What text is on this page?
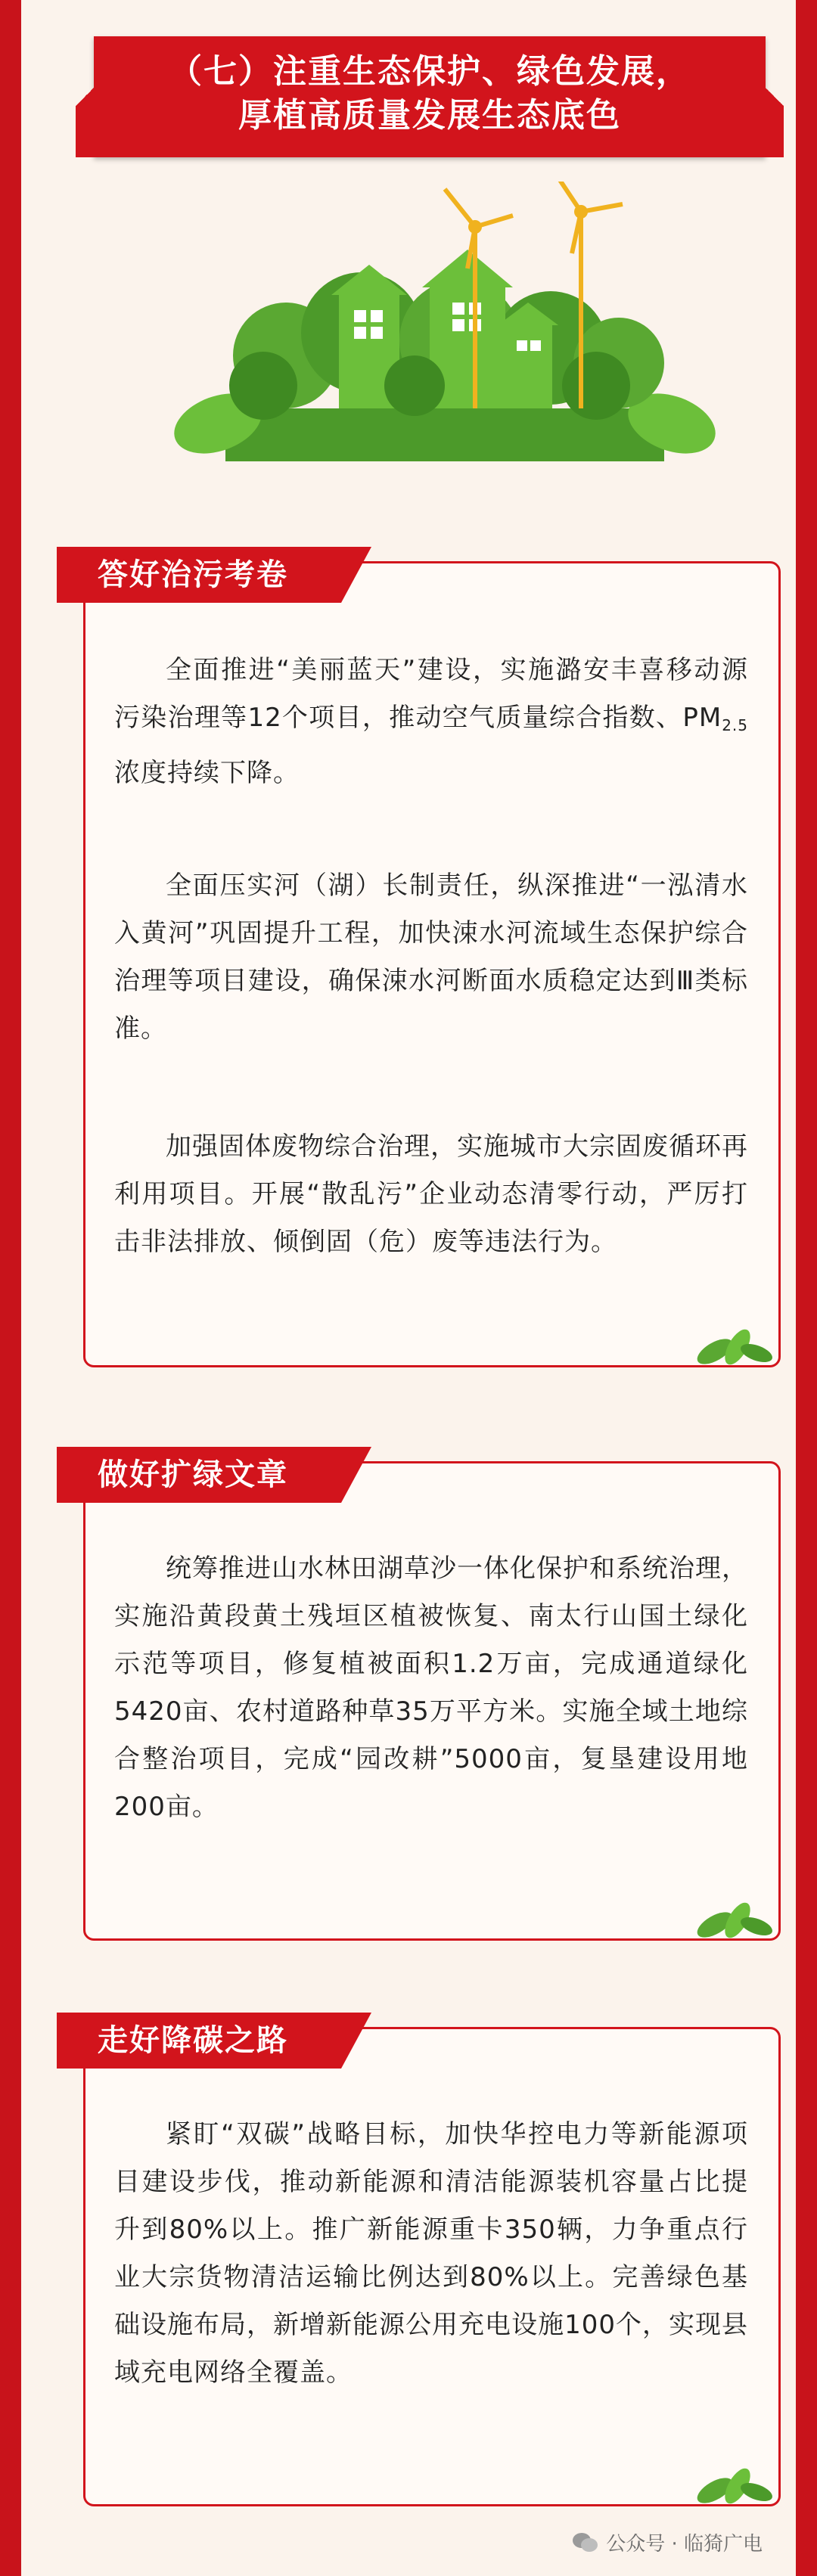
（七）注重生态保护、绿色发展，
厚植高质量发展生态底色
答好治污考卷

全面推进“美丽蓝天”建设，实施潞安丰喜移动源污染治理等12个项目，推动空气质量综合指数、$PM_{2.5}$浓度持续下降。

全面压实河（湖）长制责任，纵深推进“一泓清水入黄河”巩固提升工程，加快涑水河流域生态保护综合治理等项目建设，确保涑水河断面水质稳定达到Ⅲ类标准。

加强固体废物综合治理，实施城市大宗固废循环再利用项目。开展“散乱污”企业动态清零行动，严厉打击非法排放、倾倒固（危）废等违法行为。

做好扩绿文章

统筹推进山水林田湖草沙一体化保护和系统治理，实施沿黄段黄土残垣区植被恢复、南太行山国土绿化示范等项目，修复植被面积1.2万亩，完成通道绿化5420亩、农村道路种草35万平方米。实施全域土地综合整治项目，完成“园改耕”5000亩，复垦建设用地200亩。

走好降碳之路

紧盯“双碳”战略目标，加快华控电力等新能源项目建设步伐，推动新能源和清洁能源装机容量占比提升到80%以上。推广新能源重卡350辆，力争重点行业大宗货物清洁运输比例达到80%以上。完善绿色基础设施布局，新增新能源公用充电设施100个，实现县域充电网络全覆盖。

公众号 · 临猗广电
